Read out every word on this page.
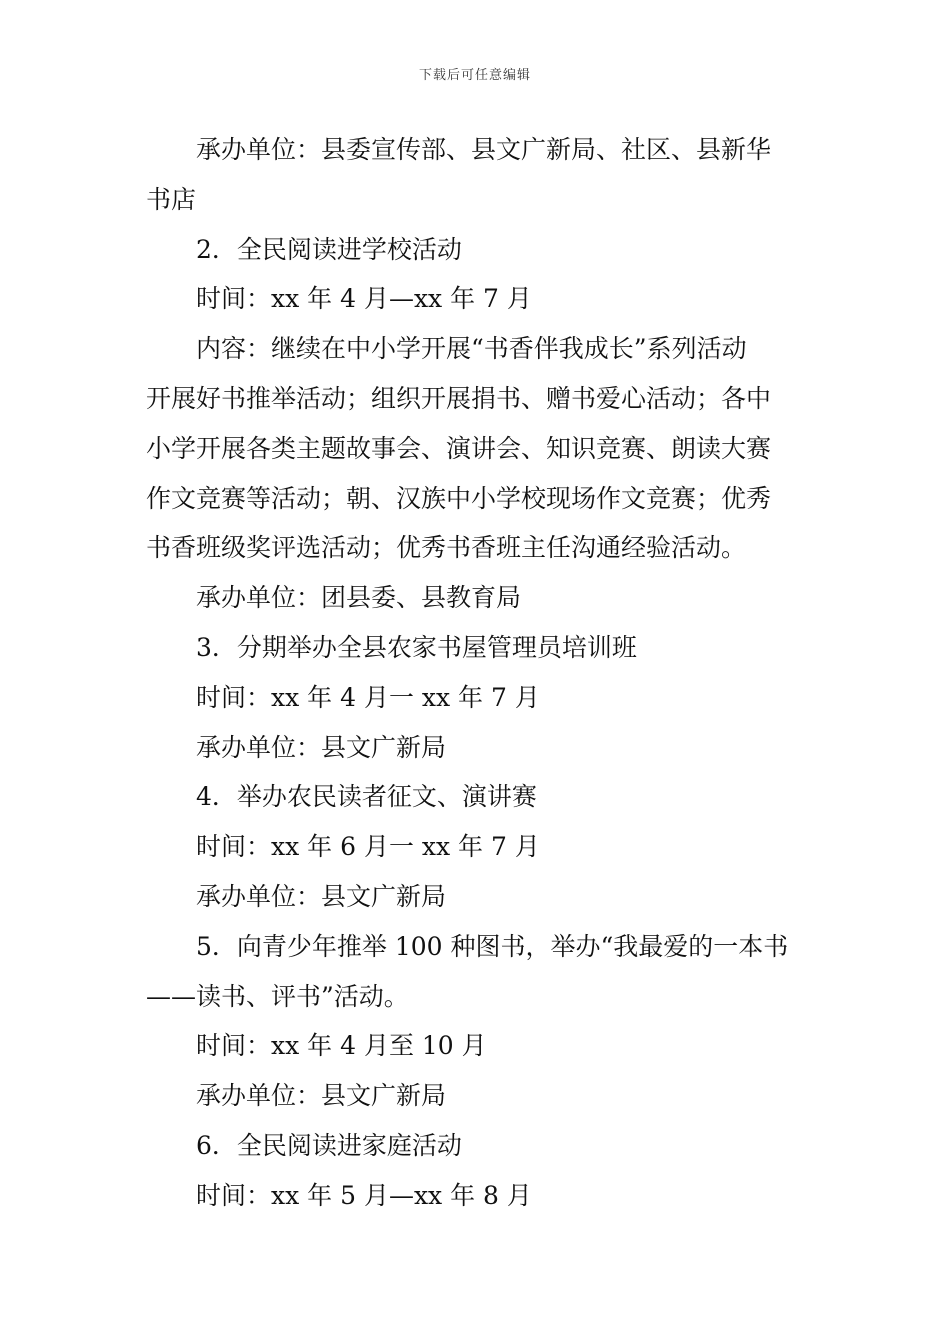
下载后可任意编辑
承办单位：县委宣传部、县文广新局、社区、县新华
书店
2．全民阅读进学校活动
时间：xx 年 4 月—xx 年 7 月
内容：继续在中小学开展“书香伴我成长”系列活动
开展好书推举活动；组织开展捐书、赠书爱心活动；各中
小学开展各类主题故事会、演讲会、知识竞赛、朗读大赛
作文竞赛等活动；朝、汉族中小学校现场作文竞赛；优秀
书香班级奖评选活动；优秀书香班主任沟通经验活动。
承办单位：团县委、县教育局
3．分期举办全县农家书屋管理员培训班
时间：xx 年 4 月一 xx 年 7 月
承办单位：县文广新局
4．举办农民读者征文、演讲赛
时间：xx 年 6 月一 xx 年 7 月
承办单位：县文广新局
5．向青少年推举 100 种图书，举办“我最爱的一本书
——读书、评书”活动。
时间：xx 年 4 月至 10 月
承办单位：县文广新局
6．全民阅读进家庭活动
时间：xx 年 5 月—xx 年 8 月
